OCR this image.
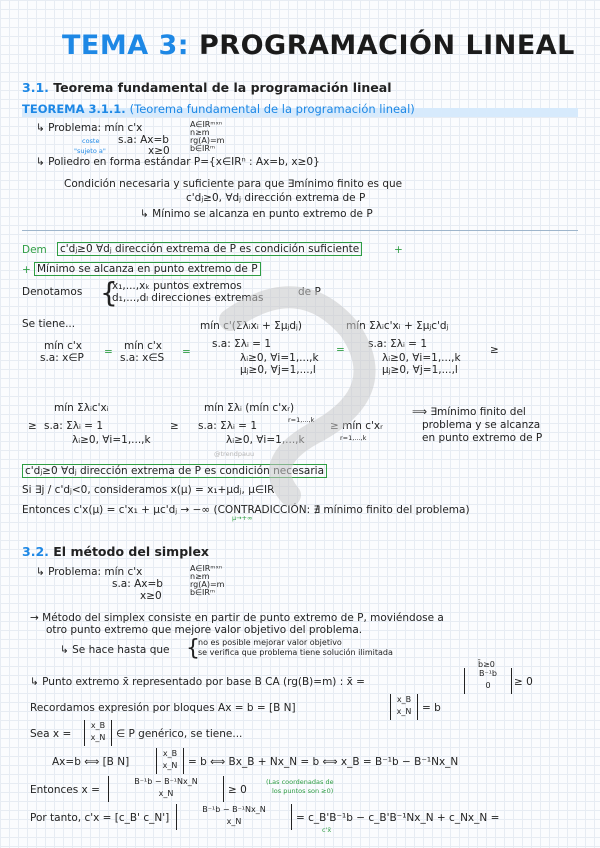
TEMA 3: PROGRAMACIÓN LINEAL
3.1. Teorema fundamental de la programación lineal
TEOREMA 3.1.1. (Teorema fundamental de la programación lineal)
↳ Problema: mín c'x	A∈IRᵐˣⁿ
n≥m
rg(A)=m
b∈IRᵐ
s.a: Ax=b
x≥0
coste
"sujeto a"
↳ Poliedro en forma estándar P={x∈IRⁿ : Ax=b, x≥0}
Condición necesaria y suficiente para que ∃mínimo finito es que
c'dⱼ≥0, ∀dⱼ dirección extrema de P
↳ Mínimo se alcanza en punto extremo de P
Dem c'dⱼ≥0 ∀dⱼ dirección extrema de P es condición suficiente	+
+ Mínimo se alcanza en punto extremo de P
Denotamos {
x₁,...,xₖ puntos extremos
d₁,...,dₗ direcciones extremas	de P
Se tiene...
mín c'x
s.a: x∈P = mín c'x
s.a: x∈S =
mín c'(Σλᵢxᵢ + Σμⱼdⱼ)
s.a: Σλᵢ = 1
λᵢ≥0, ∀i=1,...,k
μⱼ≥0, ∀j=1,...,l
=
mín Σλᵢc'xᵢ + Σμⱼc'dⱼ
s.a: Σλᵢ = 1
λᵢ≥0, ∀i=1,...,k
μⱼ≥0, ∀j=1,...,l
≥
mín Σλᵢc'xᵢ
≥ s.a: Σλᵢ = 1
λᵢ≥0, ∀i=1,...,k
≥
mín Σλᵢ (mín c'xᵣ)
r=1,...,k
s.a: Σλᵢ = 1
λᵢ≥0, ∀i=1,...,k
≥ mín c'xᵣ
r=1,...,k
⟹ ∃mínimo finito del
problema y se alcanza
en punto extremo de P
c'dⱼ≥0 ∀dⱼ dirección extrema de P es condición necesaria
Si ∃j / c'dⱼ<0, consideramos x(μ) = x₁+μdⱼ, μ∈IR
Entonces c'x(μ) = c'x₁ + μc'dⱼ → −∞ (CONTRADICCIÓN: ∄ mínimo finito del problema)
μ→+∞
@trendpauu
3.2. El método del simplex
↳ Problema: mín c'x	A∈IRᵐˣⁿ
n≥m
rg(A)=m
b∈IRᵐ
s.a: Ax=b
x≥0
→ Método del simplex consiste en partir de punto extremo de P, moviéndose a
otro punto extremo que mejore valor objetivo del problema.
↳ Se hace hasta que {
no es posible mejorar valor objetivo
se verifica que problema tiene solución ilimitada
↳ Punto extremo x̄ representado por base B CA (rg(B)=m) : x̄ =
b̄≥0
B⁻¹b
0	≥ 0
Recordamos expresión por bloques Ax = b = [B N]
x_B
x_N	= b
Sea x =
x_B
x_N	∈ P genérico, se tiene...
Ax=b ⟺ [B N]
x_B
x_N	= b ⟺ Bx_B + Nx_N = b ⟺ x_B = B⁻¹b − B⁻¹Nx_N
Entonces x =
B⁻¹b − B⁻¹Nx_N
x_N	≥ 0
(Las coordenadas de
los puntos son ≥0)
Por tanto, c'x = [c_B' c_N']
B⁻¹b − B⁻¹Nx_N
x_N	= c_B'B⁻¹b − c_B'B⁻¹Nx_N + c_Nx_N =
c'x̄
